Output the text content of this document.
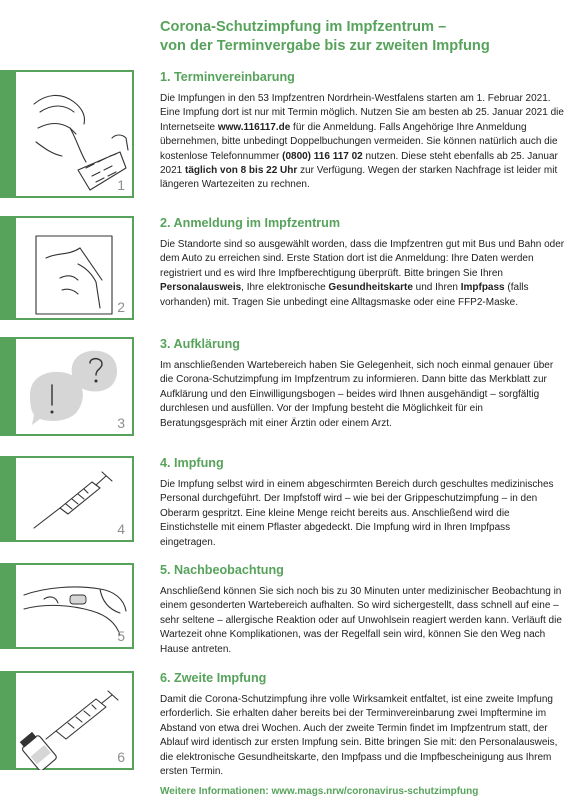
Corona-Schutzimpfung im Impfzentrum –
von der Terminvergabe bis zur zweiten Impfung
1
1. Terminvereinbarung
Die Impfungen in den 53 Impfzentren Nordrhein-Westfalens starten am 1. Februar 2021. Eine Impfung dort ist nur mit Termin möglich. Nutzen Sie am besten ab 25. Januar 2021 die Internetseite www.116117.de für die Anmeldung. Falls Angehörige Ihre Anmeldung übernehmen, bitte unbedingt Doppelbuchungen vermeiden. Sie können natürlich auch die kostenlose Telefonnummer (0800) 116 117 02 nutzen. Diese steht ebenfalls ab 25. Januar 2021 täglich von 8 bis 22 Uhr zur Verfügung. Wegen der starken Nachfrage ist leider mit längeren Wartezeiten zu rechnen.
2
2. Anmeldung im Impfzentrum
Die Standorte sind so ausgewählt worden, dass die Impfzentren gut mit Bus und Bahn oder dem Auto zu erreichen sind. Erste Station dort ist die Anmeldung: Ihre Daten werden registriert und es wird Ihre Impfberechtigung überprüft. Bitte bringen Sie Ihren Personalausweis, Ihre elektronische Gesundheitskarte und Ihren Impfpass (falls vorhanden) mit. Tragen Sie unbedingt eine Alltagsmaske oder eine FFP2-Maske.
3
3. Aufklärung
Im anschließenden Wartebereich haben Sie Gelegenheit, sich noch einmal genauer über die Corona-Schutzimpfung im Impfzentrum zu informieren. Dann bitte das Merkblatt zur Aufklärung und den Einwilligungsbogen – beides wird Ihnen ausgehändigt – sorgfältig durchlesen und ausfüllen. Vor der Impfung besteht die Möglichkeit für ein Beratungsgespräch mit einer Ärztin oder einem Arzt.
4
4. Impfung
Die Impfung selbst wird in einem abgeschirmten Bereich durch geschultes medizinisches Personal durchgeführt. Der Impfstoff wird – wie bei der Grippeschutzimpfung – in den Oberarm gespritzt. Eine kleine Menge reicht bereits aus. Anschließend wird die Einstichstelle mit einem Pflaster abgedeckt. Die Impfung wird in Ihren Impfpass eingetragen.
5
5. Nachbeobachtung
Anschließend können Sie sich noch bis zu 30 Minuten unter medizinischer Beobachtung in einem gesonderten Wartebereich aufhalten. So wird sichergestellt, dass schnell auf eine – sehr seltene – allergische Reaktion oder auf Unwohlsein reagiert werden kann. Verläuft die Wartezeit ohne Komplikationen, was der Regelfall sein wird, können Sie den Weg nach Hause antreten.
6
6. Zweite Impfung
Damit die Corona-Schutzimpfung ihre volle Wirksamkeit entfaltet, ist eine zweite Impfung erforderlich. Sie erhalten daher bereits bei der Terminvereinbarung zwei Impftermine im Abstand von etwa drei Wochen. Auch der zweite Termin findet im Impfzentrum statt, der Ablauf wird identisch zur ersten Impfung sein. Bitte bringen Sie mit: den Personalausweis, die elektronische Gesundheitskarte, den Impfpass und die Impfbescheinigung aus Ihrem ersten Termin.
Weitere Informationen: www.mags.nrw/coronavirus-schutzimpfung
